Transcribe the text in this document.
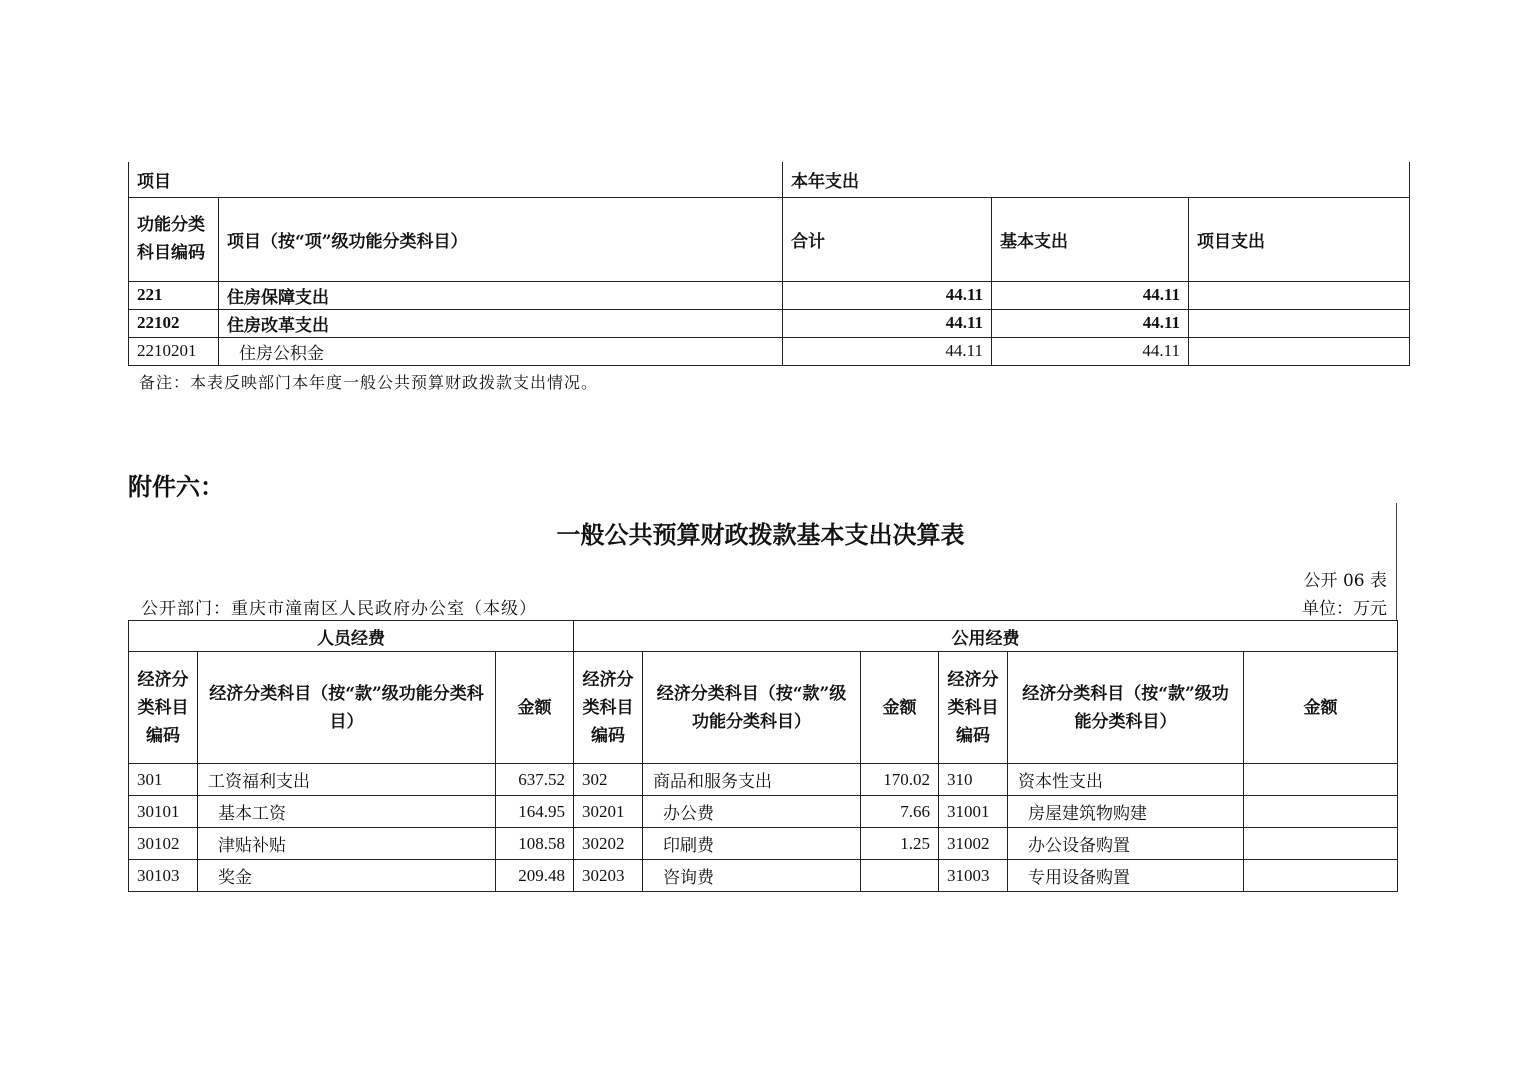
项目		本年支出		
功能分类科目编码	项目（按“项”级功能分类科目）	合计	基本支出	项目支出
221	住房保障支出	44.11	44.11	
22102	住房改革支出	44.11	44.11	
2210201	住房公积金	44.11	44.11	
备注：本表反映部门本年度一般公共预算财政拨款支出情况。
附件六：
一般公共预算财政拨款基本支出决算表
公开 06 表
公开部门：重庆市潼南区人民政府办公室（本级）	单位：万元
人员经费			公用经费					
经济分类科目编码	经济分类科目（按“款”级功能分类科目）	金额	经济分类科目编码	经济分类科目（按“款”级功能分类科目）	金额	经济分类科目编码	经济分类科目（按“款”级功能分类科目）	金额
301	工资福利支出	637.52	302	商品和服务支出	170.02	310	资本性支出	
30101	基本工资	164.95	30201	办公费	7.66	31001	房屋建筑物购建	
30102	津贴补贴	108.58	30202	印刷费	1.25	31002	办公设备购置	
30103	奖金	209.48	30203	咨询费		31003	专用设备购置	
